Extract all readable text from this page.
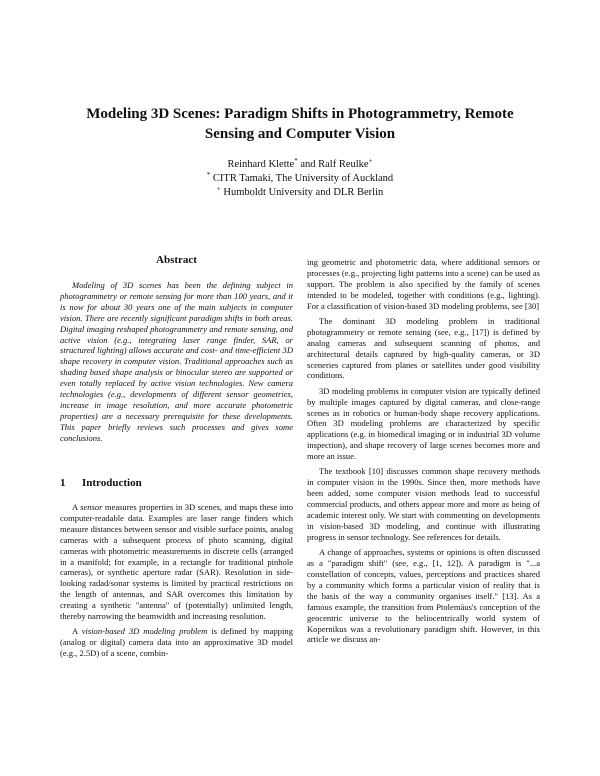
Modeling 3D Scenes: Paradigm Shifts in Photogrammetry, Remote
Sensing and Computer Vision
Reinhard Klette* and Ralf Reulke+
* CITR Tamaki, The University of Auckland
+ Humboldt University and DLR Berlin
Abstract
Modeling of 3D scenes has been the defining subject in photogrammetry or remote sensing for more than 100 years, and it is now for about 30 years one of the main subjects in computer vision. There are recently significant paradigm shifts in both areas. Digital imaging reshaped photogrammetry and remote sensing, and active vision (e.g., integrating laser range finder, SAR, or structured lighting) allows accurate and cost- and time-efficient 3D shape recovery in computer vision. Traditional approaches such as shading based shape analysis or binocular stereo are supported or even totally replaced by active vision technologies. New camera technologies (e.g., developments of different sensor geometries, increase in image resolution, and more accurate photometric properties) are a necessary prerequisite for these developments. This paper briefly reviews such processes and gives some conclusions.
1 Introduction

A sensor measures properties in 3D scenes, and maps these into computer-readable data. Examples are laser range finders which measure distances between sensor and visible surface points, analog cameras with a subsequent process of photo scanning, digital cameras with photometric measurements in discrete cells (arranged in a manifold; for example, in a rectangle for traditional pinhole cameras), or synthetic aperture radar (SAR). Resolution in side-looking radad/sonar systems is limited by practical restrictions on the length of antennas, and SAR overcomes this limitation by creating a synthetic "antenna" of (potentially) unlimited length, thereby narrowing the beamwidth and increasing resolution.

A vision-based 3D modeling problem is defined by mapping (analog or digital) camera data into an approximative 3D model (e.g., 2.5D) of a scene, combin-

ing geometric and photometric data, where additional sensors or processes (e.g., projecting light patterns into a scene) can be used as support. The problem is also specified by the family of scenes intended to be modeled, together with conditions (e.g., lighting). For a classification of vision-based 3D modeling problems, see [30]

The dominant 3D modeling problem in traditional photogrammetry or remote sensing (see, e.g., [17]) is defined by analog cameras and subsequent scanning of photos, and architectural details captured by high-quality cameras, or 3D sceneries captured from planes or satellites under good visibility conditions.

3D modeling problems in computer vision are typically defined by multiple images captured by digital cameras, and close-range scenes as in robotics or human-body shape recovery applications. Often 3D modeling problems are characterized by specific applications (e.g. in biomedical imaging or in industrial 3D volume inspection), and shape recovery of large scenes becomes more and more an issue.

The textbook [10] discusses common shape recovery methods in computer vision in the 1990s. Since then, more methods have been added, some computer vision methods lead to successful commercial products, and others appear more and more as being of academic interest only. We start with commenting on developments in vision-based 3D modeling, and continue with illustrating progress in sensor technology. See references for details.

A change of approaches, systems or opinions is often discussed as a "paradigm shift" (see, e.g., [1, 12]). A paradigm is "...a constellation of concepts, values, perceptions and practices shared by a community which forms a particular vision of reality that is the basis of the way a community organises itself." [13]. As a famous example, the transition from Ptolemäus's conception of the geocentric universe to the heliocentrically world system of Kopernikus was a revolutionary paradigm shift. However, in this article we discuss an-
